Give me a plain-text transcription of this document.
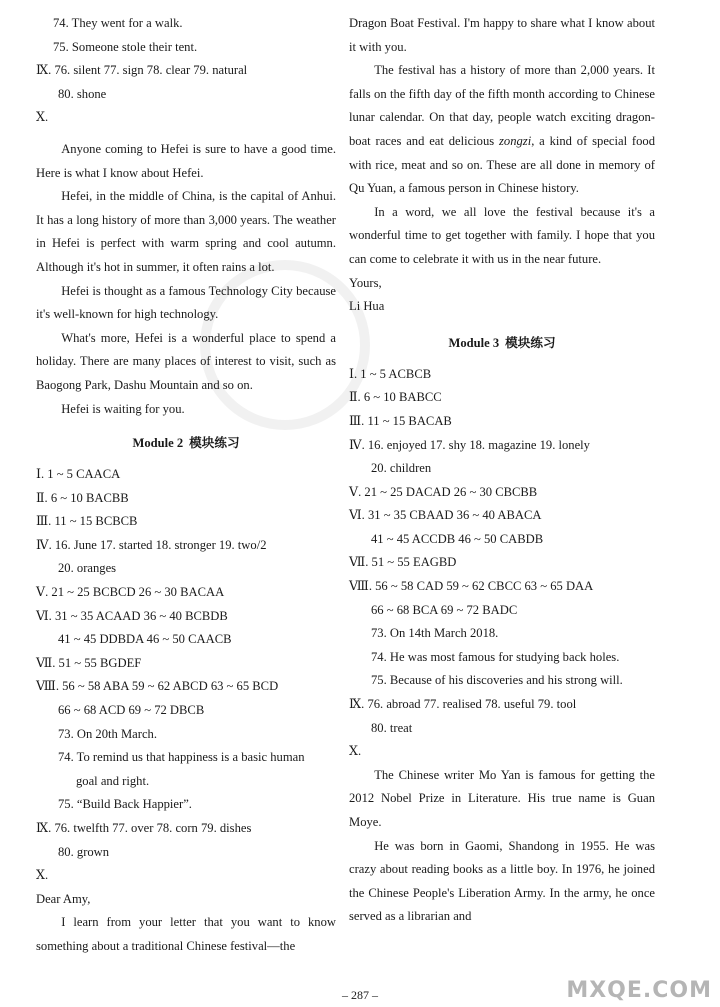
74. They went for a walk.
75. Someone stole their tent.
Ⅸ. 76. silent 77. sign 78. clear 79. natural
80. shone
Ⅹ.
Anyone coming to Hefei is sure to have a good time. Here is what I know about Hefei.
Hefei, in the middle of China, is the capital of Anhui. It has a long history of more than 3,000 years. The weather in Hefei is perfect with warm spring and cool autumn. Although it's hot in summer, it often rains a lot.
Hefei is thought as a famous Technology City because it's well-known for high technology.
What's more, Hefei is a wonderful place to spend a holiday. There are many places of interest to visit, such as Baogong Park, Dashu Mountain and so on.
Hefei is waiting for you.
Module 2 模块练习
Ⅰ. 1 ~ 5 CAACA
Ⅱ. 6 ~ 10 BACBB
Ⅲ. 11 ~ 15 BCBCB
Ⅳ. 16. June 17. started 18. stronger 19. two/2
20. oranges
Ⅴ. 21 ~ 25 BCBCD 26 ~ 30 BACAA
Ⅵ. 31 ~ 35 ACAAD 36 ~ 40 BCBDB
41 ~ 45 DDBDA 46 ~ 50 CAACB
Ⅶ. 51 ~ 55 BGDEF
Ⅷ. 56 ~ 58 ABA 59 ~ 62 ABCD 63 ~ 65 BCD
66 ~ 68 ACD 69 ~ 72 DBCB
73. On 20th March.
74. To remind us that happiness is a basic human
goal and right.
75. “Build Back Happier”.
Ⅸ. 76. twelfth 77. over 78. corn 79. dishes
80. grown
Ⅹ.
Dear Amy,
I learn from your letter that you want to know something about a traditional Chinese festival—the
Dragon Boat Festival. I'm happy to share what I know about it with you.
The festival has a history of more than 2,000 years. It falls on the fifth day of the fifth month according to Chinese lunar calendar. On that day, people watch exciting dragon-boat races and eat delicious zongzi, a kind of special food with rice, meat and so on. These are all done in memory of Qu Yuan, a famous person in Chinese history.
In a word, we all love the festival because it's a wonderful time to get together with family. I hope that you can come to celebrate it with us in the near future.
Yours,
Li Hua
Module 3 模块练习
Ⅰ. 1 ~ 5 ACBCB
Ⅱ. 6 ~ 10 BABCC
Ⅲ. 11 ~ 15 BACAB
Ⅳ. 16. enjoyed 17. shy 18. magazine 19. lonely
20. children
Ⅴ. 21 ~ 25 DACAD 26 ~ 30 CBCBB
Ⅵ. 31 ~ 35 CBAAD 36 ~ 40 ABACA
41 ~ 45 ACCDB 46 ~ 50 CABDB
Ⅶ. 51 ~ 55 EAGBD
Ⅷ. 56 ~ 58 CAD 59 ~ 62 CBCC 63 ~ 65 DAA
66 ~ 68 BCA 69 ~ 72 BADC
73. On 14th March 2018.
74. He was most famous for studying back holes.
75. Because of his discoveries and his strong will.
Ⅸ. 76. abroad 77. realised 78. useful 79. tool
80. treat
Ⅹ.
The Chinese writer Mo Yan is famous for getting the 2012 Nobel Prize in Literature. His true name is Guan Moye.
He was born in Gaomi, Shandong in 1955. He was crazy about reading books as a little boy. In 1976, he joined the Chinese People's Liberation Army. In the army, he once served as a librarian and
– 287 –	MXQE.COM
